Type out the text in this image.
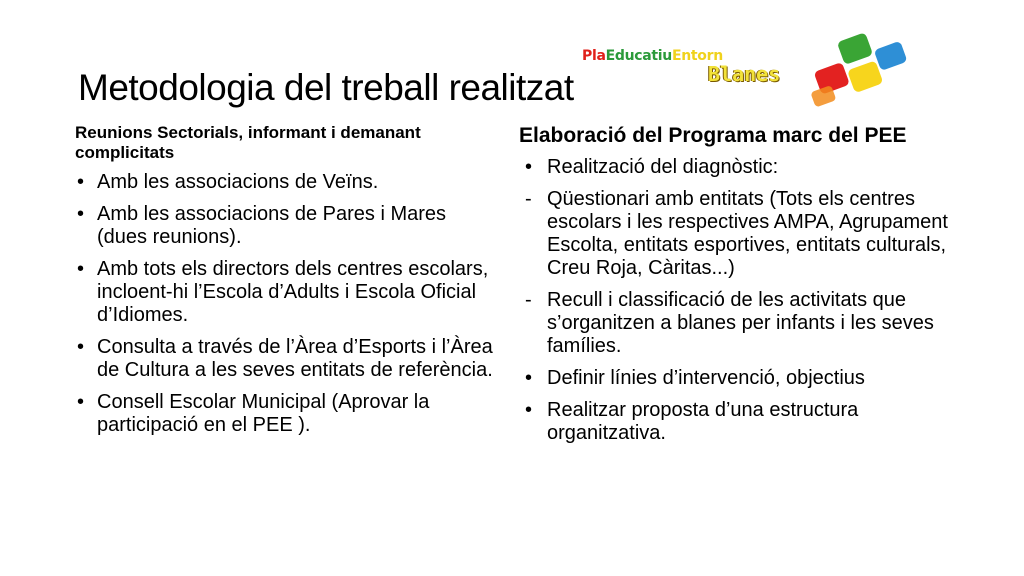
Metodologia del treball realitzat
PlaEducatiuEntorn
Blanes
Reunions Sectorials, informant i demanant complicitats
• Amb les associacions de Veïns.
• Amb les associacions de Pares i Mares (dues reunions).
• Amb tots els directors dels centres escolars, incloent-hi l’Escola d’Adults i Escola Oficial d’Idiomes.
• Consulta a través de l’Àrea d’Esports i l’Àrea de Cultura a les seves entitats de referència.
• Consell Escolar Municipal (Aprovar la participació en el PEE ).
Elaboració del Programa marc del PEE
• Realització del diagnòstic:
- Qüestionari amb entitats (Tots els centres escolars i les respectives AMPA, Agrupament Escolta, entitats esportives, entitats culturals, Creu Roja, Càritas...)
- Recull i classificació de les activitats que s’organitzen a blanes per infants i les seves famílies.
• Definir línies d’intervenció, objectius
• Realitzar proposta d’una estructura organitzativa.
